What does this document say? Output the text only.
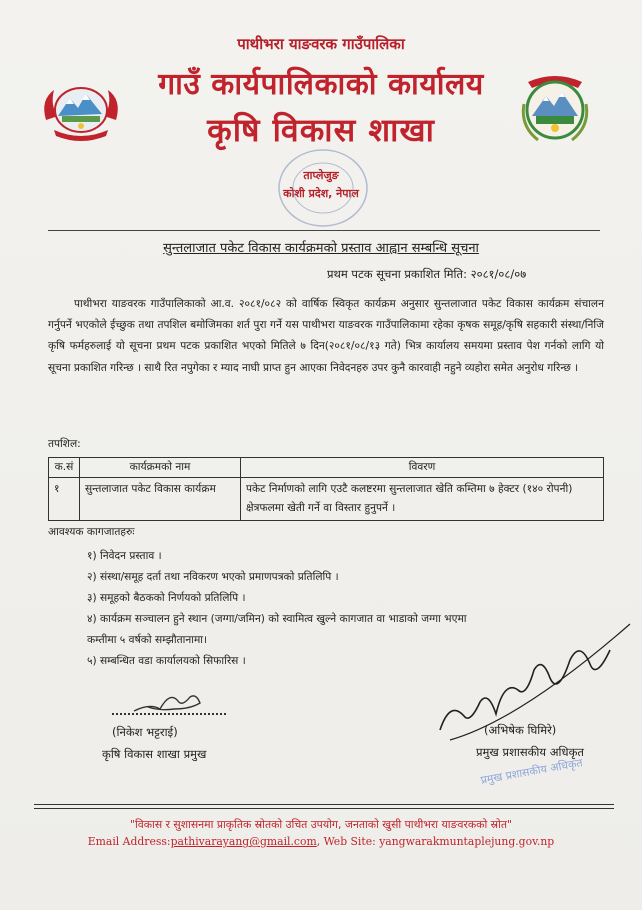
पाथीभरा याङवरक गाउँपालिका
गाउँ कार्यपालिकाको कार्यालय
कृषि विकास शाखा
ताप्लेजुङ
कोशी प्रदेश, नेपाल
सुन्तलाजात पकेट विकास कार्यक्रमको प्रस्ताव आह्वान सम्बन्धि सूचना
प्रथम पटक सूचना प्रकाशित मिति: २०८१/०८/०७
पाथीभरा याङवरक गाउँपालिकाको आ.व. २०८१/०८२ को वार्षिक स्विकृत कार्यक्रम अनुसार सुन्तलाजात पकेट विकास कार्यक्रम संचालन गर्नुपर्ने भएकोले ईच्छुक तथा तपशिल बमोजिमका शर्त पुरा गर्ने यस पाथीभरा याङवरक गाउँपालिकामा रहेका कृषक समूह/कृषि सहकारी संस्था/निजि कृषि फर्महरुलाई यो सूचना प्रथम पटक प्रकाशित भएको मितिले ७ दिन(२०८१/०८/१३ गते) भित्र कार्यालय समयमा प्रस्ताव पेश गर्नको लागि यो सूचना प्रकाशित गरिन्छ । साथै रित नपुगेका र म्याद नाघी प्राप्त हुन आएका निवेदनहरु उपर कुनै कारवाही नहुने व्यहोरा समेत अनुरोध गरिन्छ ।
तपशिल:
क.सं	कार्यक्रमको नाम	विवरण
१	सुन्तलाजात पकेट विकास कार्यक्रम	पकेट निर्माणको लागि एउटै कलष्टरमा सुन्तलाजात खेति कम्तिमा ७ हेक्टर (१४० रोपनी) क्षेत्रफलमा खेती गर्ने वा विस्तार हुनुपर्ने ।
आवश्यक कागजातहरुः
१) निवेदन प्रस्ताव ।
२) संस्था/समूह दर्ता तथा नविकरण भएको प्रमाणपत्रको प्रतिलिपि ।
३) समूहको बैठकको निर्णयको प्रतिलिपि ।
४) कार्यक्रम सञ्चालन हुने स्थान (जग्गा/जमिन) को स्वामित्व खुल्ने कागजात वा भाडाको जग्गा भएमा
कम्तीमा ५ वर्षको सम्झौतानामा।
५) सम्बन्धित वडा कार्यालयको सिफारिस ।
(निकेश भट्टराई)
कृषि विकास शाखा प्रमुख
(अभिषेक घिमिरे)
प्रमुख प्रशासकीय अधिकृत
प्रमुख प्रशासकीय अधिकृत
"विकास र सुशासनमा प्राकृतिक स्रोतको उचित उपयोग, जनताको खुसी पाथीभरा याङवरकको स्रोत"
Email Address:pathivarayang@gmail.com, Web Site: yangwarakmuntaplejung.gov.np
